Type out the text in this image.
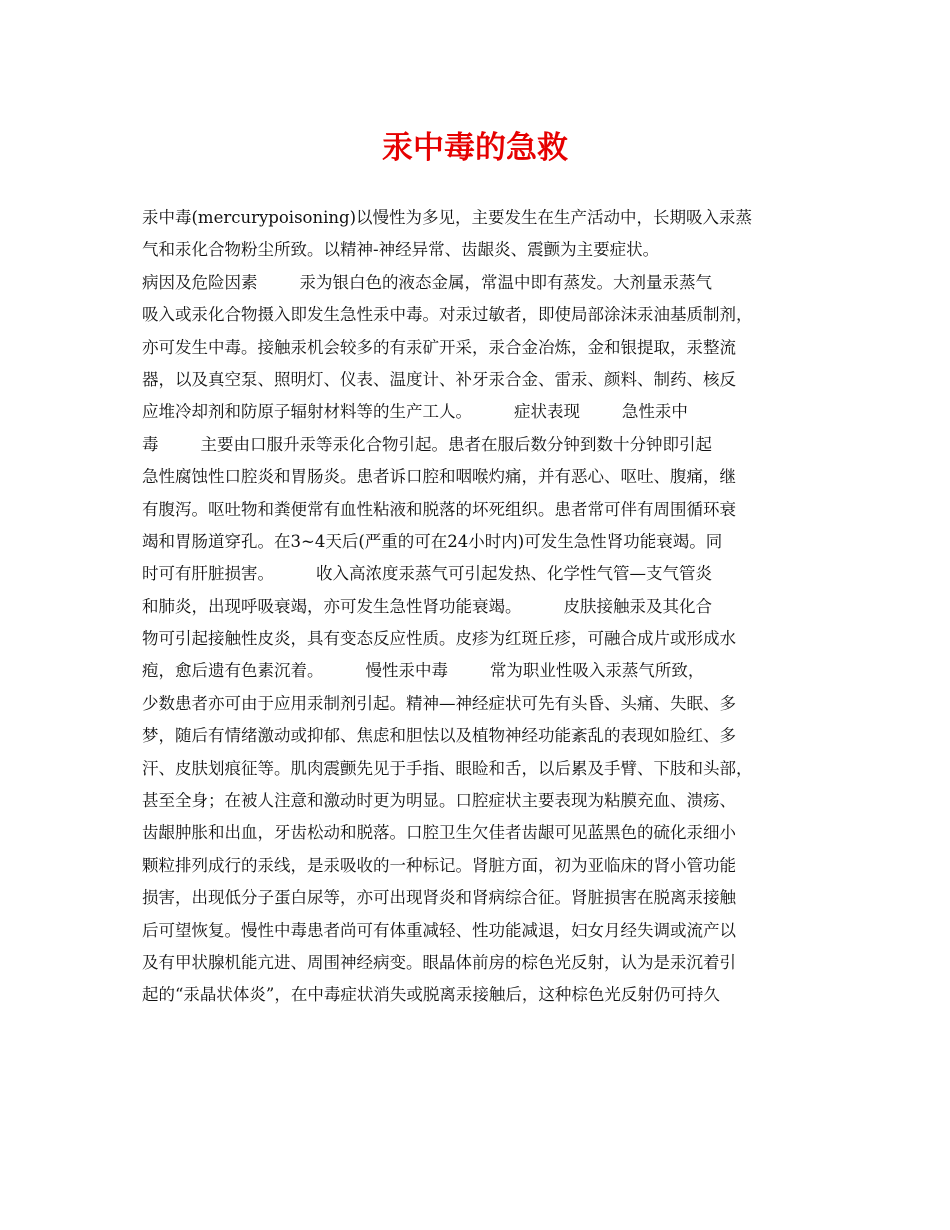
汞中毒的急救
汞中毒(mercurypoisoning)以慢性为多见，主要发生在生产活动中，长期吸入汞蒸
气和汞化合物粉尘所致。以精神-神经异常、齿龈炎、震颤为主要症状。
病因及危险因素        汞为银白色的液态金属，常温中即有蒸发。大剂量汞蒸气
吸入或汞化合物摄入即发生急性汞中毒。对汞过敏者，即使局部涂沫汞油基质制剂，
亦可发生中毒。接触汞机会较多的有汞矿开采，汞合金冶炼，金和银提取，汞整流
器，以及真空泵、照明灯、仪表、温度计、补牙汞合金、雷汞、颜料、制药、核反
应堆冷却剂和防原子辐射材料等的生产工人。        症状表现        急性汞中
毒        主要由口服升汞等汞化合物引起。患者在服后数分钟到数十分钟即引起
急性腐蚀性口腔炎和胃肠炎。患者诉口腔和咽喉灼痛，并有恶心、呕吐、腹痛，继
有腹泻。呕吐物和粪便常有血性粘液和脱落的坏死组织。患者常可伴有周围循环衰
竭和胃肠道穿孔。在3~4天后(严重的可在24小时内)可发生急性肾功能衰竭。同
时可有肝脏损害。        收入高浓度汞蒸气可引起发热、化学性气管—支气管炎
和肺炎，出现呼吸衰竭，亦可发生急性肾功能衰竭。        皮肤接触汞及其化合
物可引起接触性皮炎，具有变态反应性质。皮疹为红斑丘疹，可融合成片或形成水
疱，愈后遗有色素沉着。        慢性汞中毒        常为职业性吸入汞蒸气所致，
少数患者亦可由于应用汞制剂引起。精神—神经症状可先有头昏、头痛、失眠、多
梦，随后有情绪激动或抑郁、焦虑和胆怯以及植物神经功能紊乱的表现如脸红、多
汗、皮肤划痕征等。肌肉震颤先见于手指、眼睑和舌，以后累及手臂、下肢和头部，
甚至全身；在被人注意和激动时更为明显。口腔症状主要表现为粘膜充血、溃疡、
齿龈肿胀和出血，牙齿松动和脱落。口腔卫生欠佳者齿龈可见蓝黑色的硫化汞细小
颗粒排列成行的汞线，是汞吸收的一种标记。肾脏方面，初为亚临床的肾小管功能
损害，出现低分子蛋白尿等，亦可出现肾炎和肾病综合征。肾脏损害在脱离汞接触
后可望恢复。慢性中毒患者尚可有体重减轻、性功能减退，妇女月经失调或流产以
及有甲状腺机能亢进、周围神经病变。眼晶体前房的棕色光反射，认为是汞沉着引
起的“汞晶状体炎”，在中毒症状消失或脱离汞接触后，这种棕色光反射仍可持久
